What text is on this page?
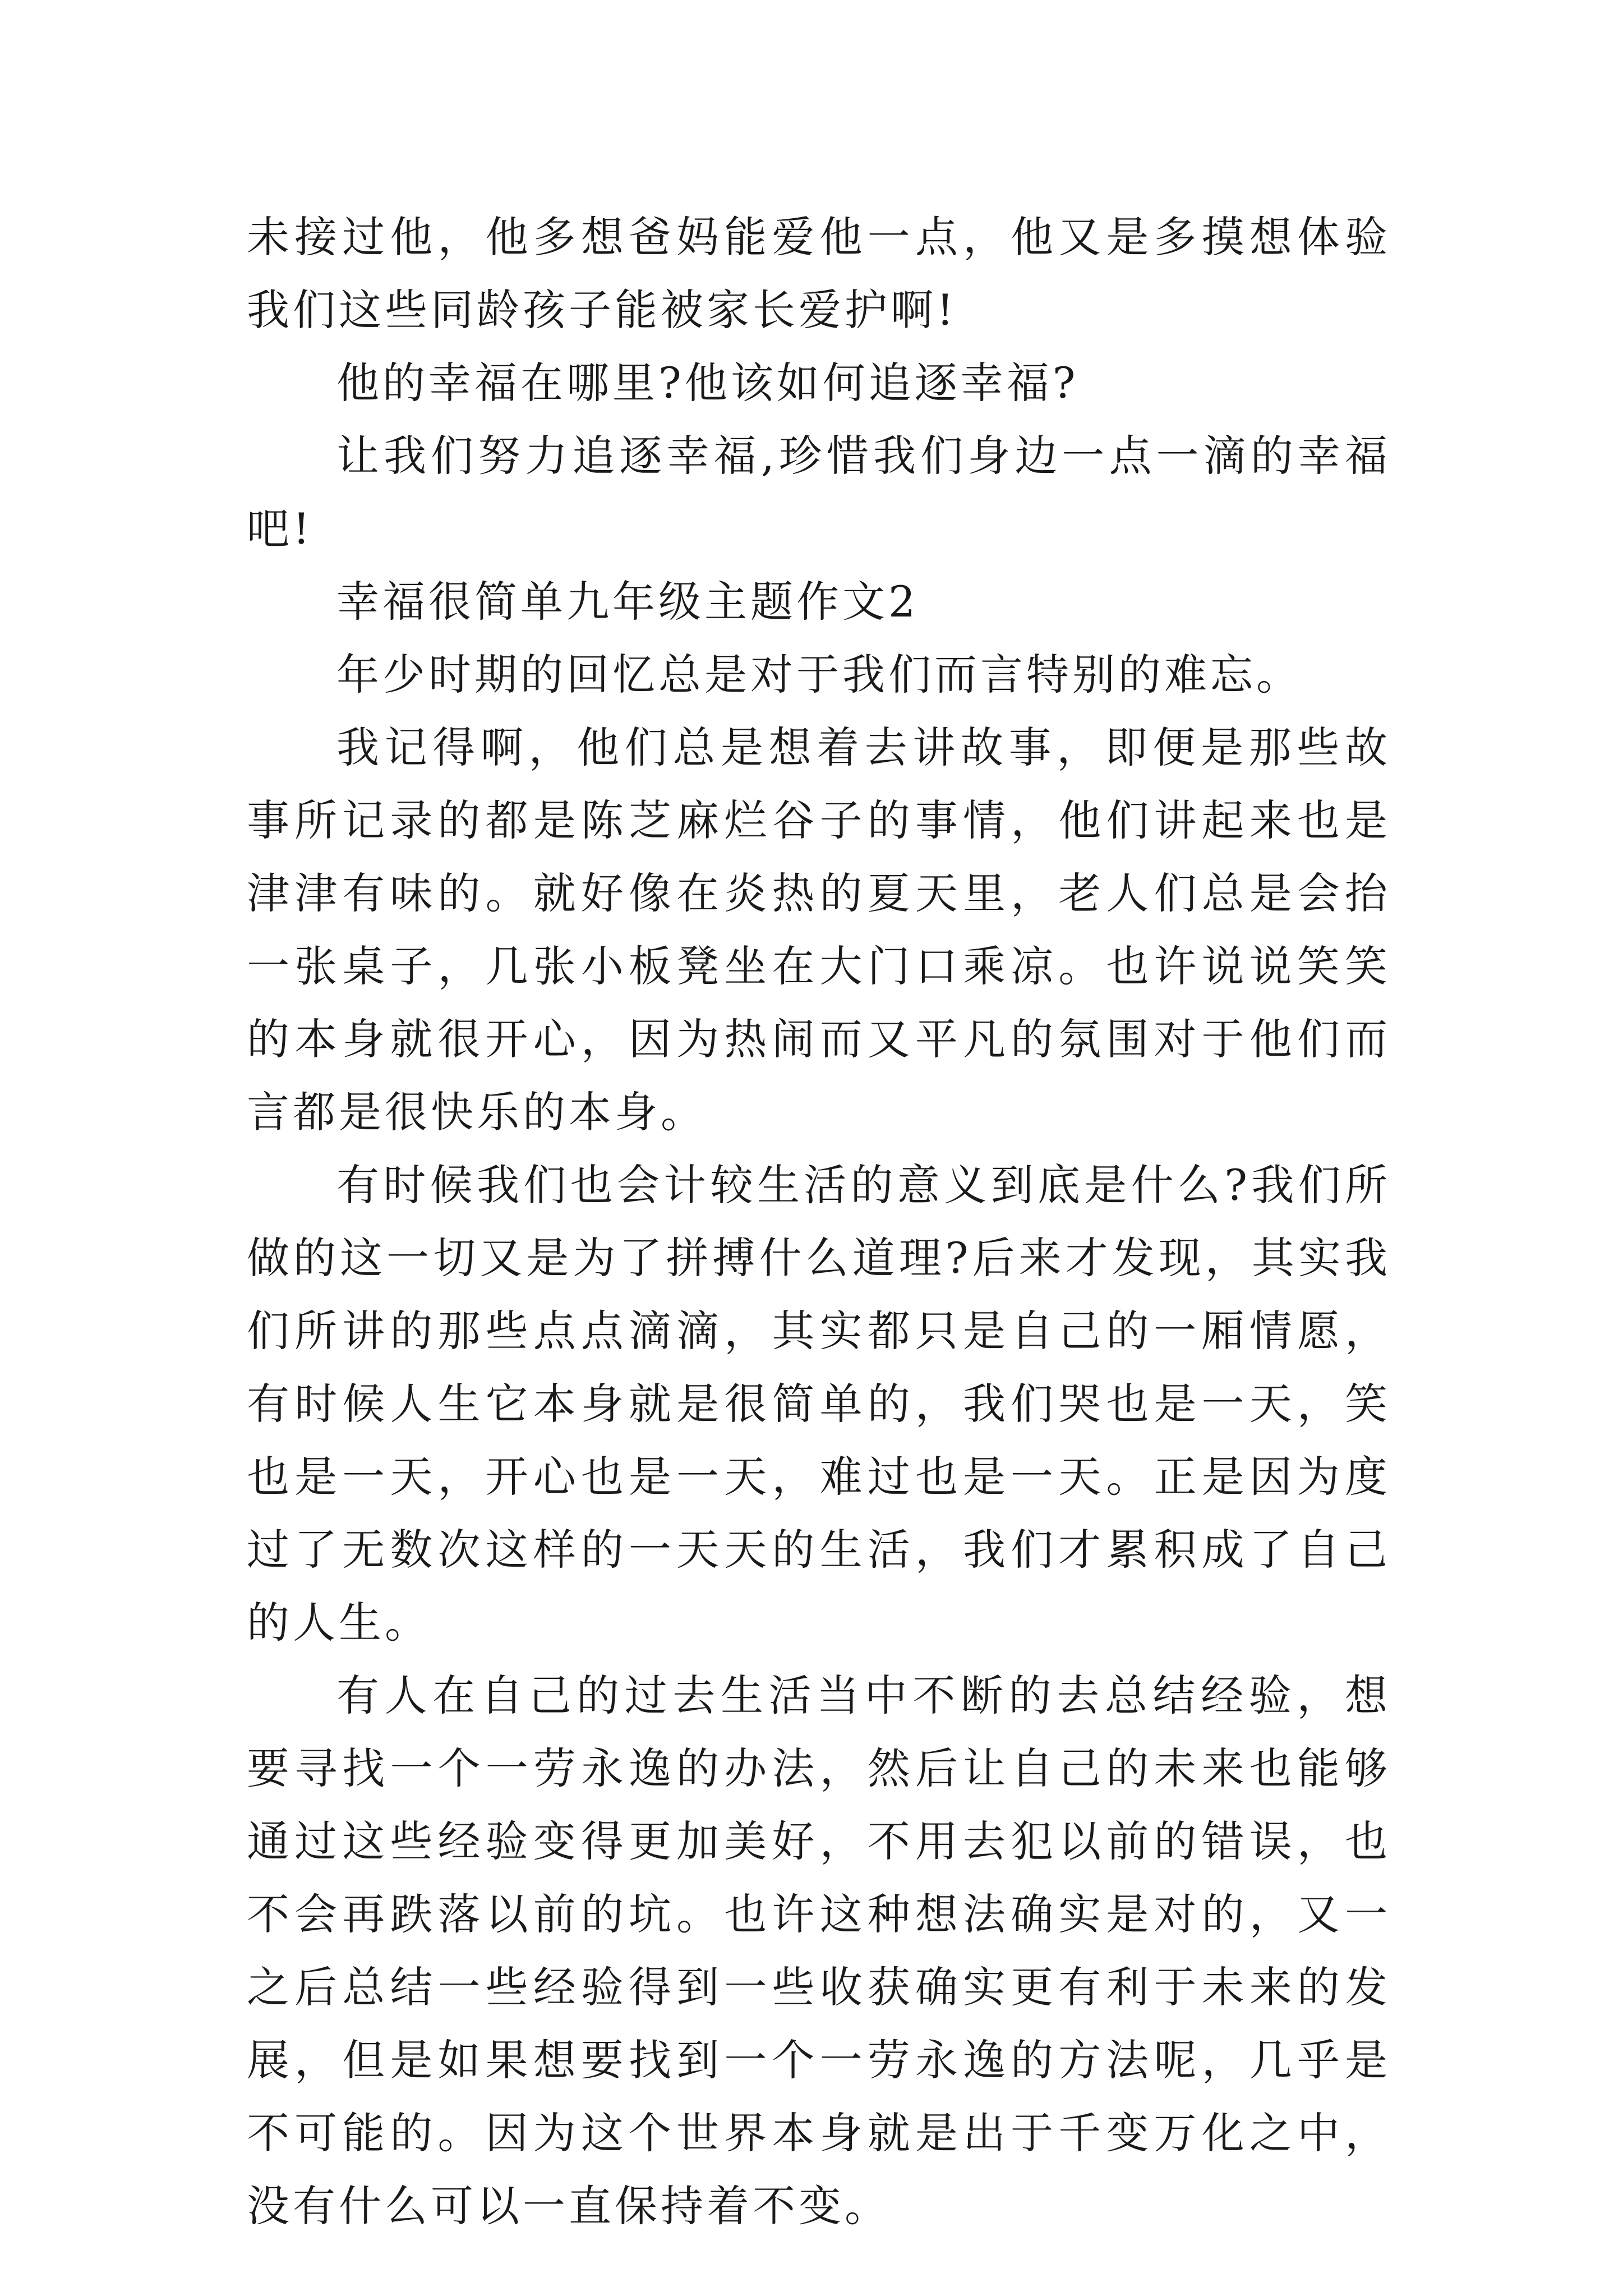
未接过他，他多想爸妈能爱他一点，他又是多摸想体验我们这些同龄孩子能被家长爱护啊!

他的幸福在哪里?他该如何追逐幸福?

让我们努力追逐幸福,珍惜我们身边一点一滴的幸福吧!

幸福很简单九年级主题作文2

年少时期的回忆总是对于我们而言特别的难忘。

我记得啊，他们总是想着去讲故事，即便是那些故事所记录的都是陈芝麻烂谷子的事情，他们讲起来也是津津有味的。就好像在炎热的夏天里，老人们总是会抬一张桌子，几张小板凳坐在大门口乘凉。也许说说笑笑的本身就很开心，因为热闹而又平凡的氛围对于他们而言都是很快乐的本身。

有时候我们也会计较生活的意义到底是什么?我们所做的这一切又是为了拼搏什么道理?后来才发现，其实我们所讲的那些点点滴滴，其实都只是自己的一厢情愿，有时候人生它本身就是很简单的，我们哭也是一天，笑也是一天，开心也是一天，难过也是一天。正是因为度过了无数次这样的一天天的生活，我们才累积成了自己的人生。

有人在自己的过去生活当中不断的去总结经验，想要寻找一个一劳永逸的办法，然后让自己的未来也能够通过这些经验变得更加美好，不用去犯以前的错误，也不会再跌落以前的坑。也许这种想法确实是对的，又一之后总结一些经验得到一些收获确实更有利于未来的发展，但是如果想要找到一个一劳永逸的方法呢，几乎是不可能的。因为这个世界本身就是出于千变万化之中，没有什么可以一直保持着不变。
